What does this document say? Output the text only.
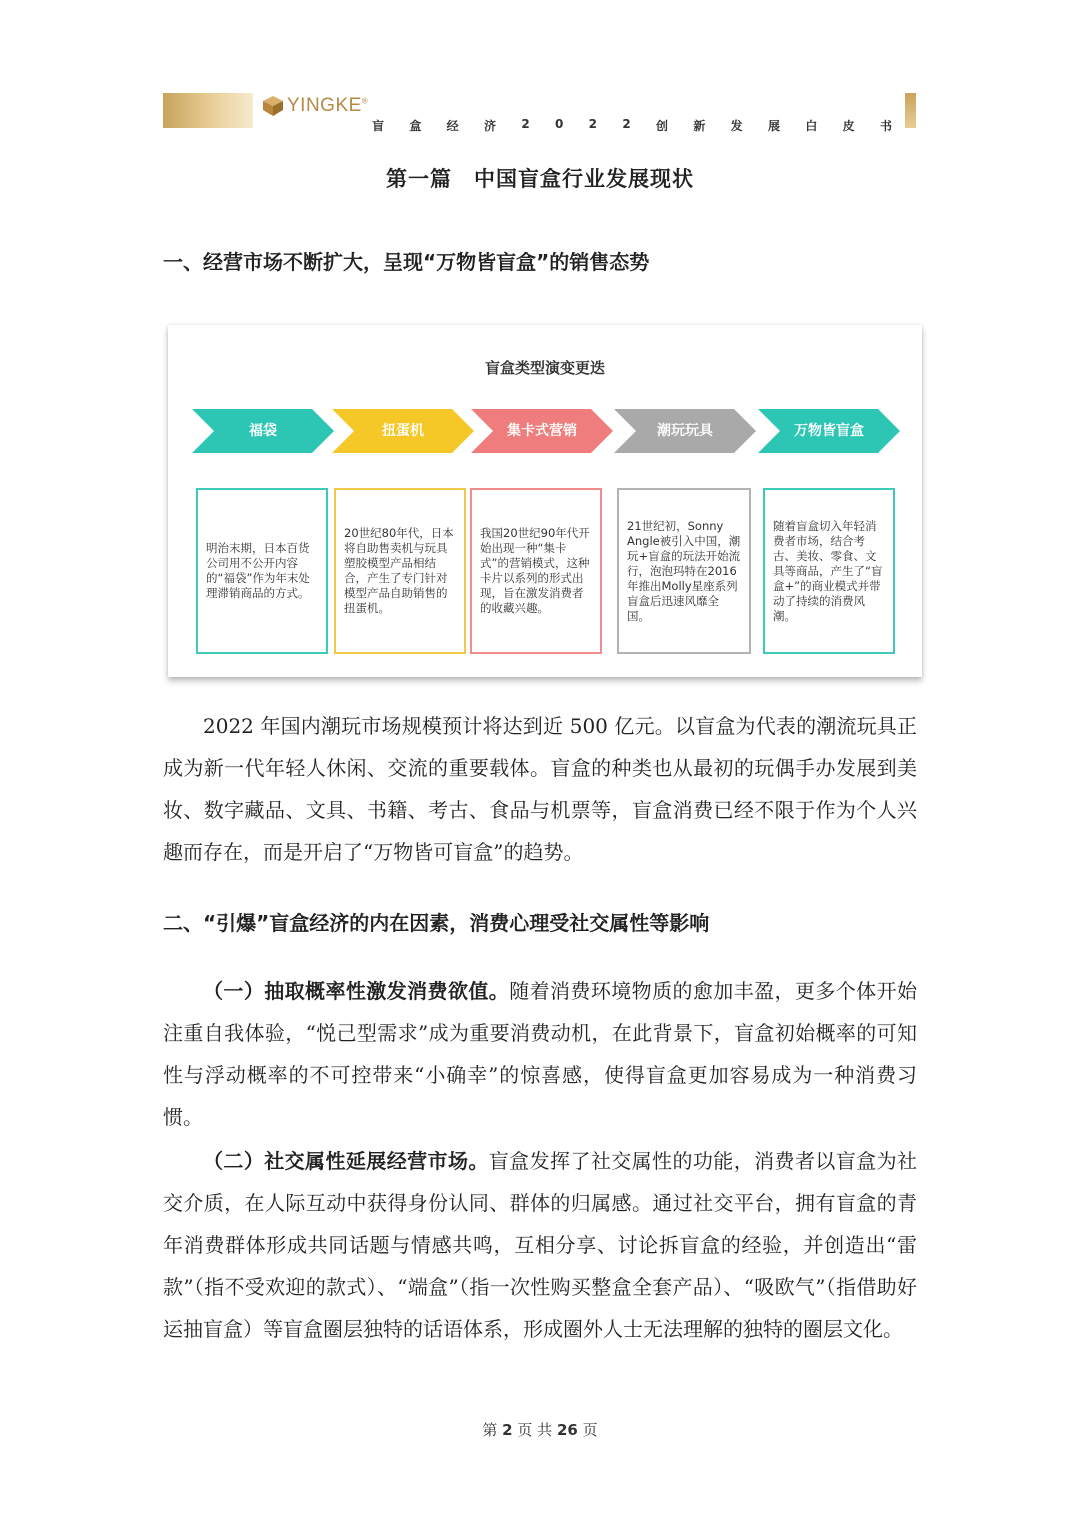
YINGKE®
盲 盒 经 济 2 0 2 2 创 新 发 展 白 皮 书
第一篇 中国盲盒行业发展现状
一、经营市场不断扩大，呈现“万物皆盲盒”的销售态势
盲盒类型演变更迭
福袋
明治末期，日本百货公司用不公开内容的“福袋”作为年末处理滞销商品的方式。
扭蛋机
20世纪80年代，日本将自助售卖机与玩具塑胶模型产品相结合，产生了专门针对模型产品自助销售的扭蛋机。
集卡式营销
我国20世纪90年代开始出现一种“集卡式”的营销模式，这种卡片以系列的形式出现，旨在激发消费者的收藏兴趣。
潮玩玩具
21世纪初，Sonny Angle被引入中国，潮玩+盲盒的玩法开始流行，泡泡玛特在2016年推出Molly星座系列盲盒后迅速风靡全国。
万物皆盲盒
随着盲盒切入年轻消费者市场，结合考古、美妆、零食、文具等商品，产生了“盲盒+”的商业模式并带动了持续的消费风潮。
2022 年国内潮玩市场规模预计将达到近 500 亿元。以盲盒为代表的潮流玩具正成为新一代年轻人休闲、交流的重要载体。盲盒的种类也从最初的玩偶手办发展到美妆、数字藏品、文具、书籍、考古、食品与机票等，盲盒消费已经不限于作为个人兴趣而存在，而是开启了“万物皆可盲盒”的趋势。
二、“引爆”盲盒经济的内在因素，消费心理受社交属性等影响
（一）抽取概率性激发消费欲值。随着消费环境物质的愈加丰盈，更多个体开始注重自我体验，“悦己型需求”成为重要消费动机，在此背景下，盲盒初始概率的可知性与浮动概率的不可控带来“小确幸”的惊喜感，使得盲盒更加容易成为一种消费习惯。
（二）社交属性延展经营市场。盲盒发挥了社交属性的功能，消费者以盲盒为社交介质，在人际互动中获得身份认同、群体的归属感。通过社交平台，拥有盲盒的青年消费群体形成共同话题与情感共鸣，互相分享、讨论拆盲盒的经验，并创造出“雷款”（指不受欢迎的款式）、“端盒”（指一次性购买整盒全套产品）、“吸欧气”（指借助好运抽盲盒）等盲盒圈层独特的话语体系，形成圈外人士无法理解的独特的圈层文化。
第 2 页 共 26 页
